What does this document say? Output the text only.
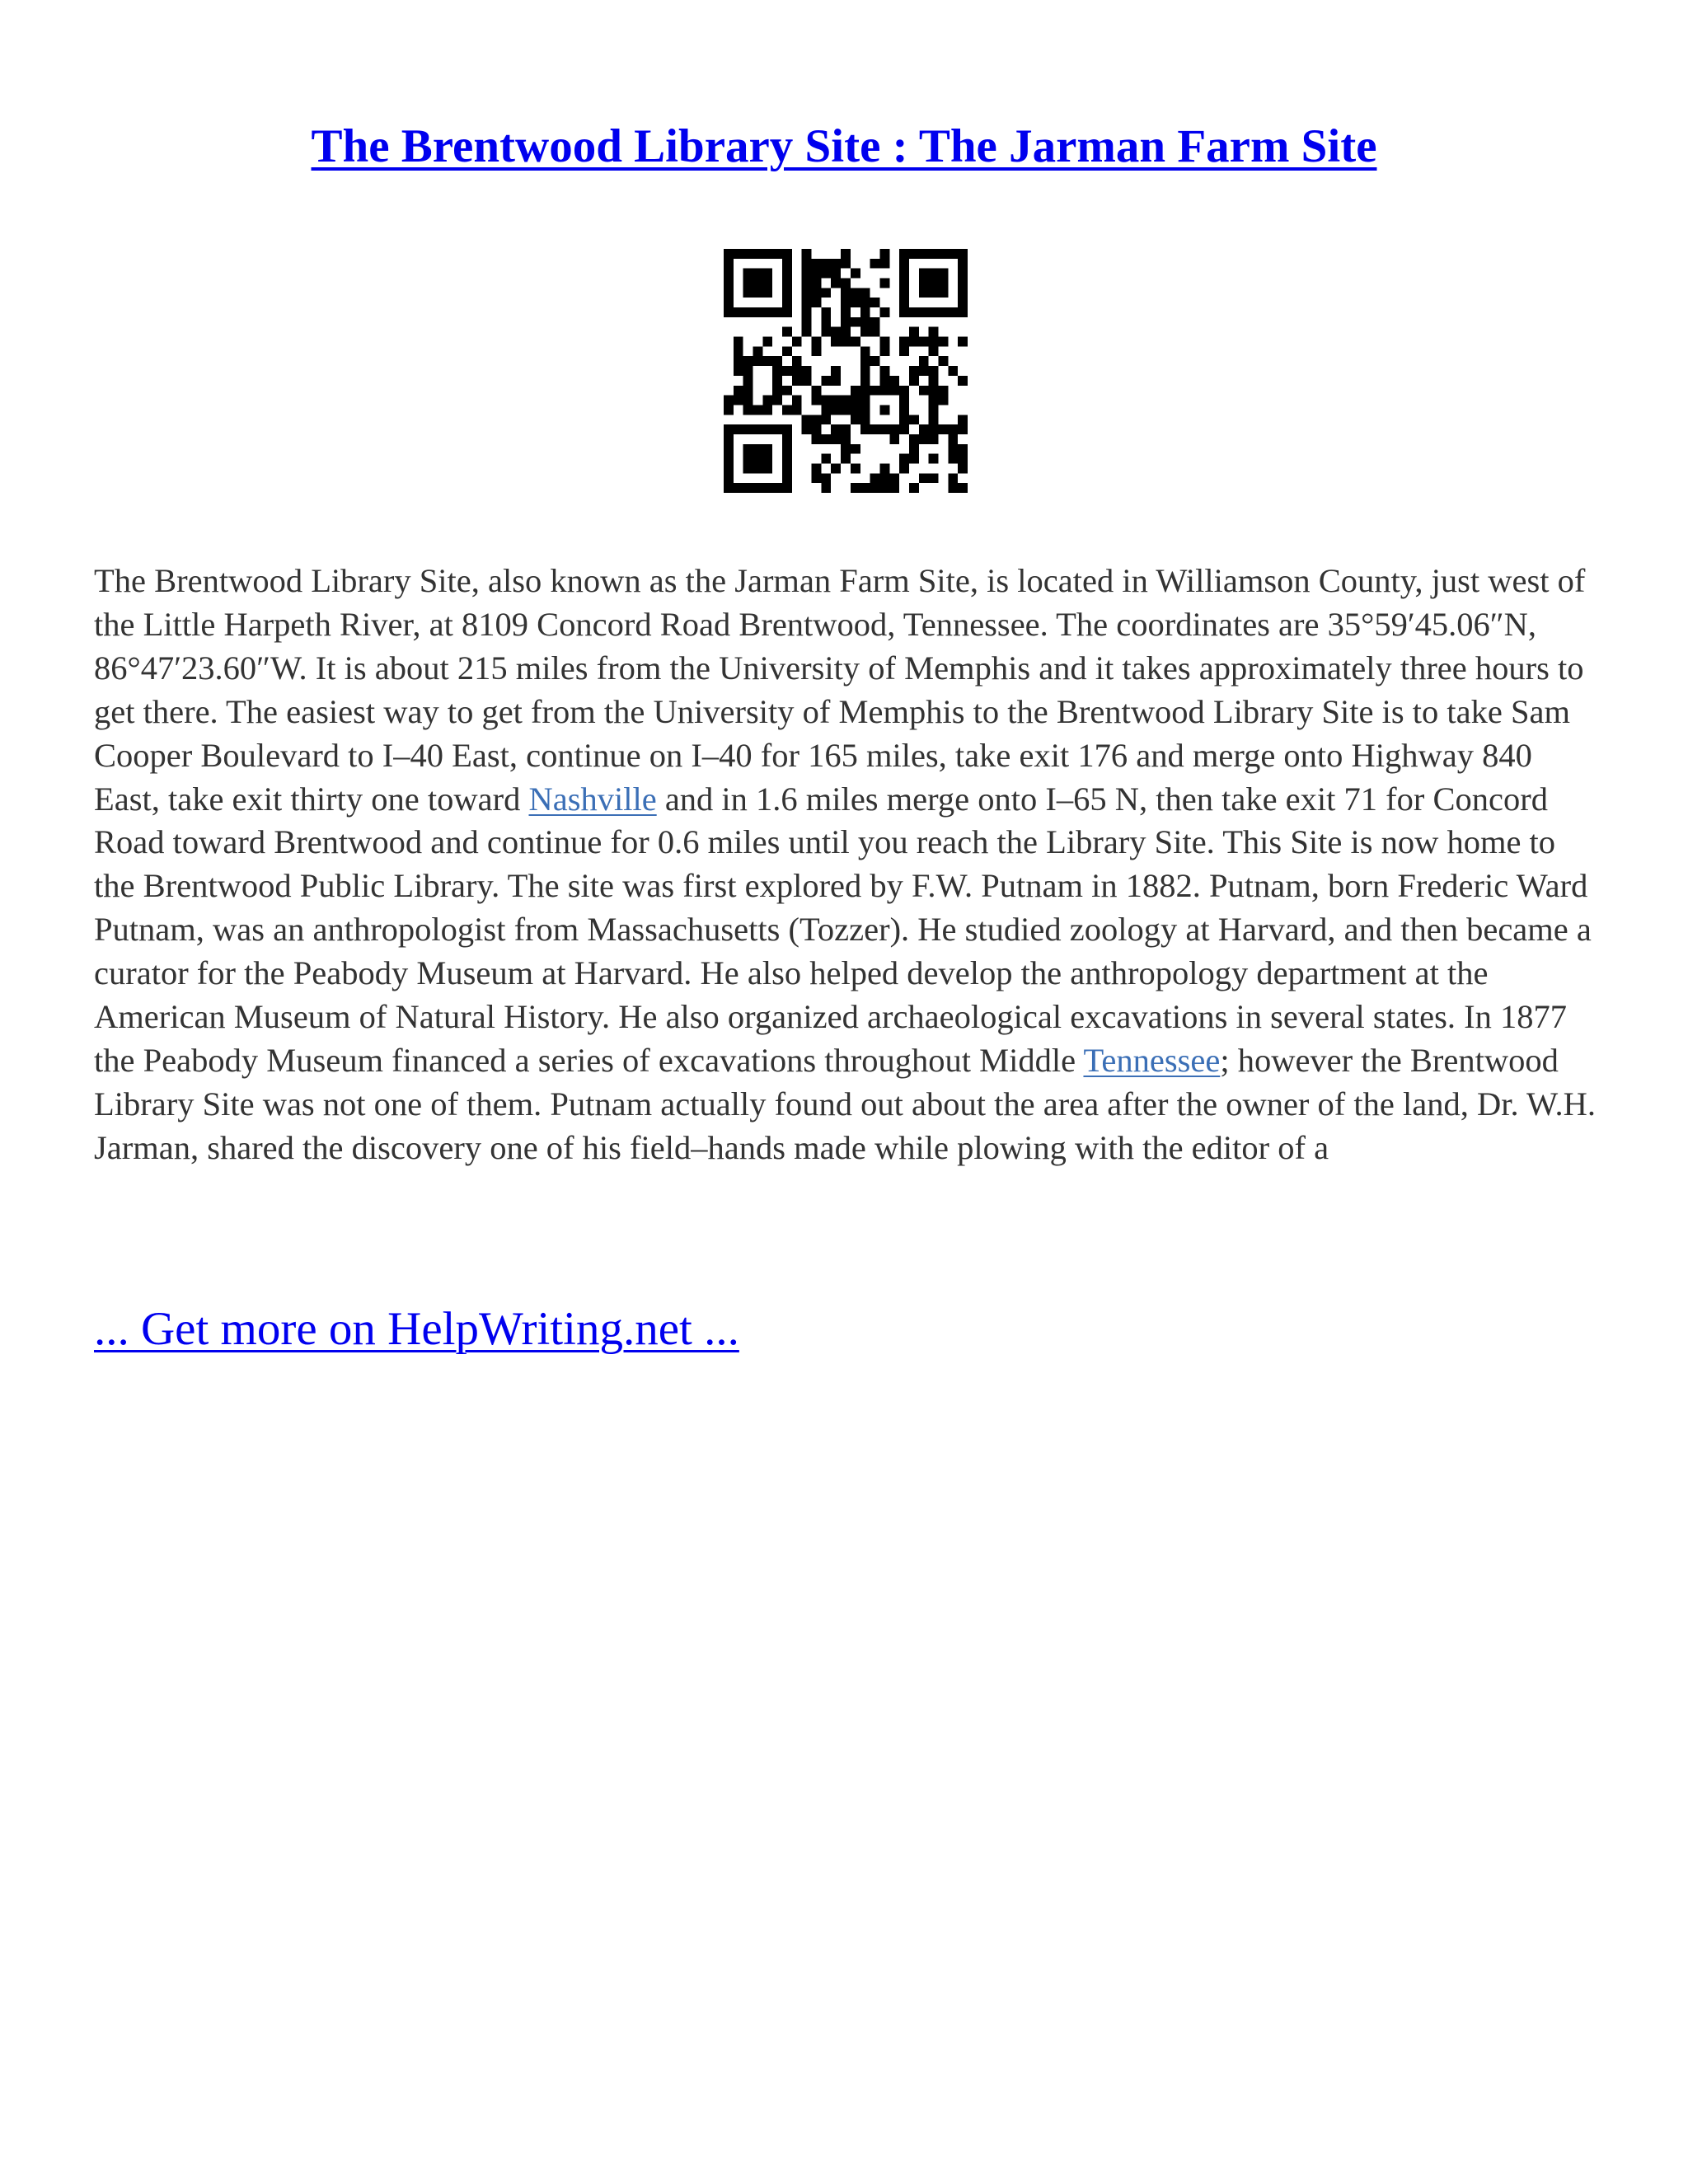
The Brentwood Library Site : The Jarman Farm Site

The Brentwood Library Site, also known as the Jarman Farm Site, is located in Williamson County, just west of the Little Harpeth River, at 8109 Concord Road Brentwood, Tennessee. The coordinates are 35°59′45.06″N, 86°47′23.60″W. It is about 215 miles from the University of Memphis and it takes approximately three hours to get there. The easiest way to get from the University of Memphis to the Brentwood Library Site is to take Sam Cooper Boulevard to I–40 East, continue on I–40 for 165 miles, take exit 176 and merge onto Highway 840 East, take exit thirty one toward Nashville and in 1.6 miles merge onto I–65 N, then take exit 71 for Concord Road toward Brentwood and continue for 0.6 miles until you reach the Library Site. This Site is now home to the Brentwood Public Library. The site was first explored by F.W. Putnam in 1882. Putnam, born Frederic Ward Putnam, was an anthropologist from Massachusetts (Tozzer). He studied zoology at Harvard, and then became a curator for the Peabody Museum at Harvard. He also helped develop the anthropology department at the American Museum of Natural History. He also organized archaeological excavations in several states. In 1877 the Peabody Museum financed a series of excavations throughout Middle Tennessee; however the Brentwood Library Site was not one of them. Putnam actually found out about the area after the owner of the land, Dr. W.H. Jarman, shared the discovery one of his field–hands made while plowing with the editor of a

... Get more on HelpWriting.net ...
